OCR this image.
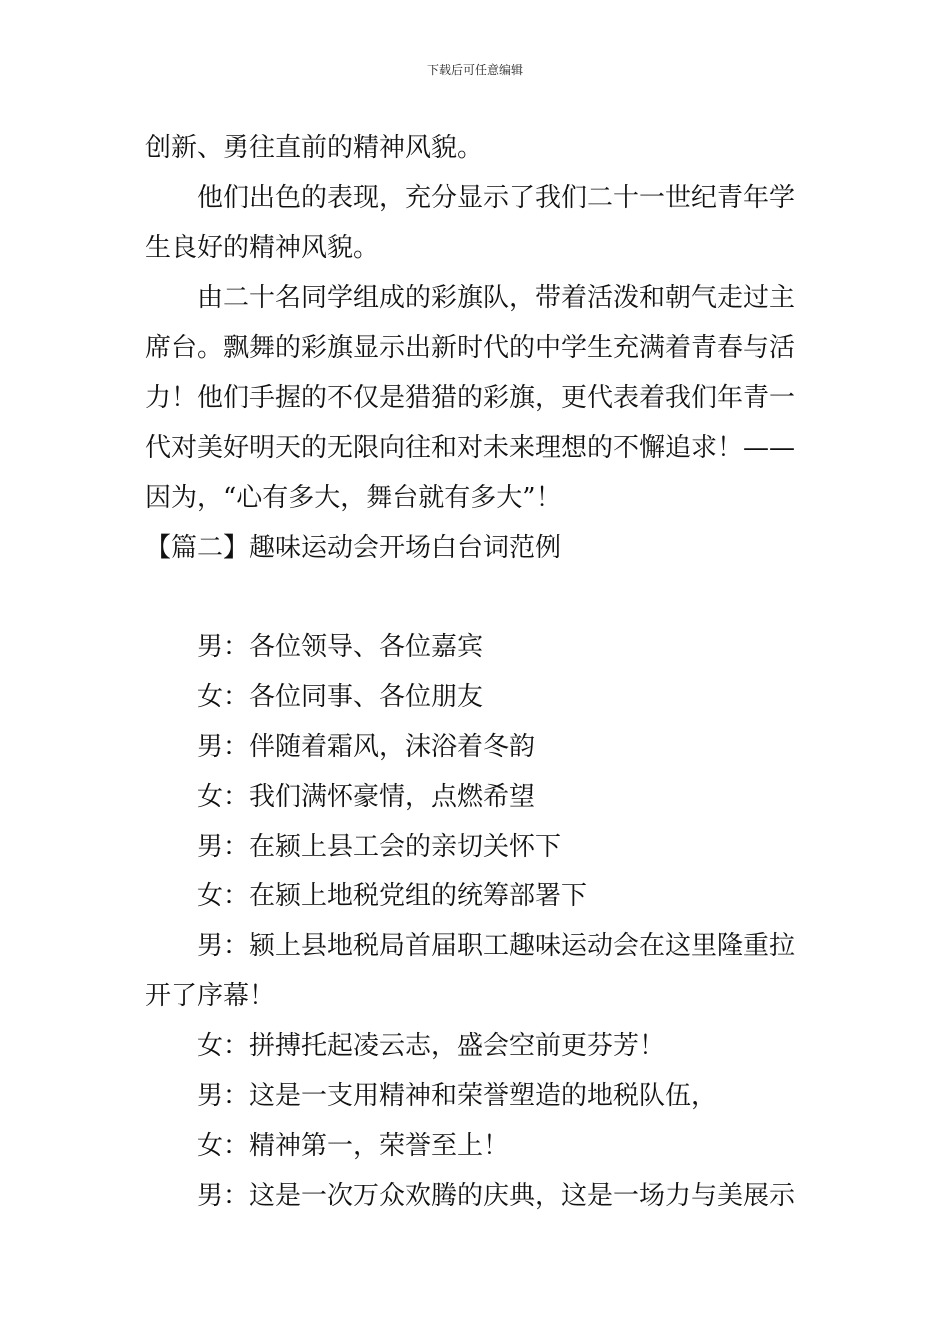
下载后可任意编辑
创新、勇往直前的精神风貌。
他们出色的表现，充分显示了我们二十一世纪青年学
生良好的精神风貌。
由二十名同学组成的彩旗队，带着活泼和朝气走过主
席台。飘舞的彩旗显示出新时代的中学生充满着青春与活
力！他们手握的不仅是猎猎的彩旗，更代表着我们年青一
代对美好明天的无限向往和对未来理想的不懈追求！——
因为，“心有多大，舞台就有多大”！
【篇二】趣味运动会开场白台词范例
男：各位领导、各位嘉宾
女：各位同事、各位朋友
男：伴随着霜风，沫浴着冬韵
女：我们满怀豪情，点燃希望
男：在颍上县工会的亲切关怀下
女：在颍上地税党组的统筹部署下
男：颍上县地税局首届职工趣味运动会在这里隆重拉
开了序幕！
女：拼搏托起凌云志，盛会空前更芬芳！
男：这是一支用精神和荣誉塑造的地税队伍，
女：精神第一，荣誉至上！
男：这是一次万众欢腾的庆典，这是一场力与美展示
